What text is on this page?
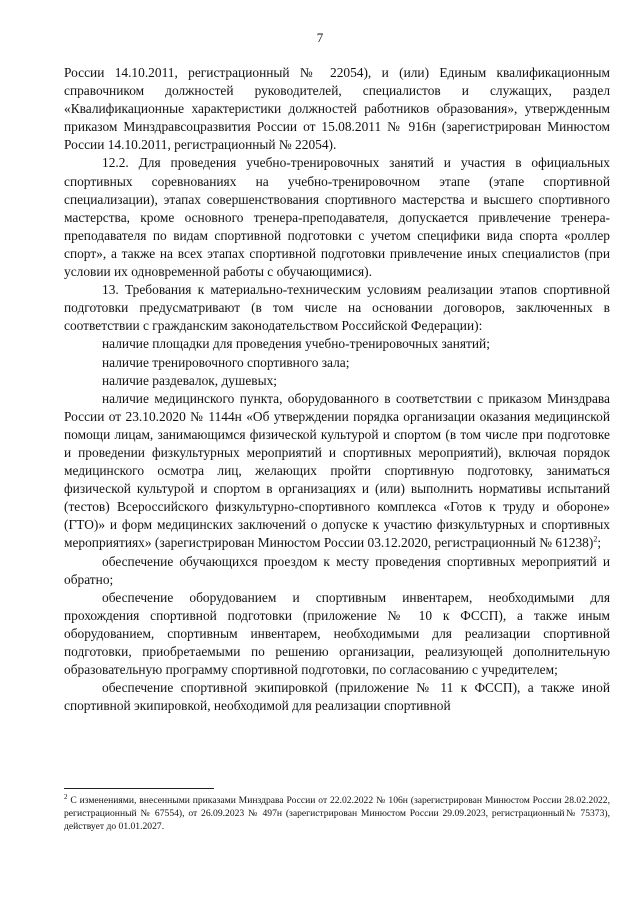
7

России 14.10.2011, регистрационный № 22054), и (или) Единым квалификационным справочником должностей руководителей, специалистов и служащих, раздел «Квалификационные характеристики должностей работников образования», утвержденным приказом Минздравсоцразвития России от 15.08.2011 № 916н (зарегистрирован Минюстом России 14.10.2011, регистрационный № 22054).

12.2. Для проведения учебно-тренировочных занятий и участия в официальных спортивных соревнованиях на учебно-тренировочном этапе (этапе спортивной специализации), этапах совершенствования спортивного мастерства и высшего спортивного мастерства, кроме основного тренера-преподавателя, допускается привлечение тренера-преподавателя по видам спортивной подготовки с учетом специфики вида спорта «роллер спорт», а также на всех этапах спортивной подготовки привлечение иных специалистов (при условии их одновременной работы с обучающимися).

13. Требования к материально-техническим условиям реализации этапов спортивной подготовки предусматривают (в том числе на основании договоров, заключенных в соответствии с гражданским законодательством Российской Федерации):

наличие площадки для проведения учебно-тренировочных занятий;

наличие тренировочного спортивного зала;

наличие раздевалок, душевых;

наличие медицинского пункта, оборудованного в соответствии с приказом Минздрава России от 23.10.2020 № 1144н «Об утверждении порядка организации оказания медицинской помощи лицам, занимающимся физической культурой и спортом (в том числе при подготовке и проведении физкультурных мероприятий и спортивных мероприятий), включая порядок медицинского осмотра лиц, желающих пройти спортивную подготовку, заниматься физической культурой и спортом в организациях и (или) выполнить нормативы испытаний (тестов) Всероссийского физкультурно-спортивного комплекса «Готов к труду и обороне» (ГТО)» и форм медицинских заключений о допуске к участию физкультурных и спортивных мероприятиях» (зарегистрирован Минюстом России 03.12.2020, регистрационный № 61238)$^2$;

обеспечение обучающихся проездом к месту проведения спортивных мероприятий и обратно;

обеспечение оборудованием и спортивным инвентарем, необходимыми для прохождения спортивной подготовки (приложение № 10 к ФССП), а также иным оборудованием, спортивным инвентарем, необходимыми для реализации спортивной подготовки, приобретаемыми по решению организации, реализующей дополнительную образовательную программу спортивной подготовки, по согласованию с учредителем;

обеспечение спортивной экипировкой (приложение № 11 к ФССП), а также иной спортивной экипировкой, необходимой для реализации спортивной

$^2$ С изменениями, внесенными приказами Минздрава России от 22.02.2022 № 106н (зарегистрирован Минюстом России 28.02.2022, регистрационный № 67554), от 26.09.2023 № 497н (зарегистрирован Минюстом России 29.09.2023, регистрационный№ 75373), действует до 01.01.2027.
